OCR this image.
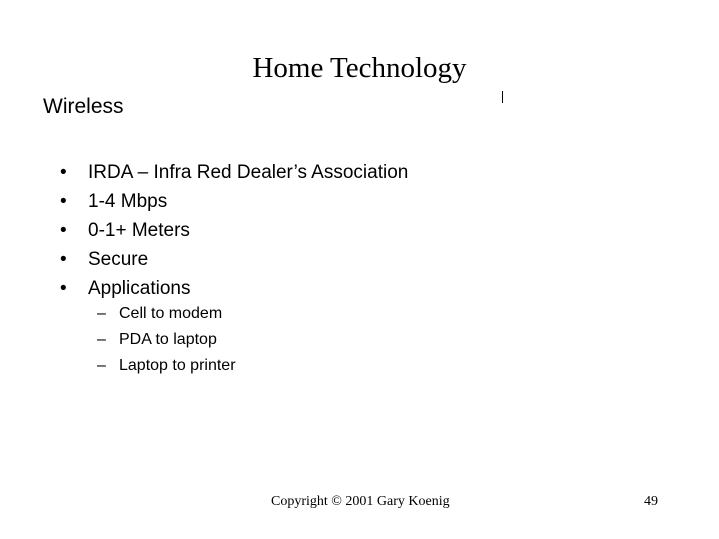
Home Technology
Wireless
• IRDA – Infra Red Dealer’s Association
• 1-4 Mbps
• 0-1+ Meters
• Secure
• Applications
– Cell to modem
– PDA to laptop
– Laptop to printer
Copyright © 2001 Gary Koenig	49
